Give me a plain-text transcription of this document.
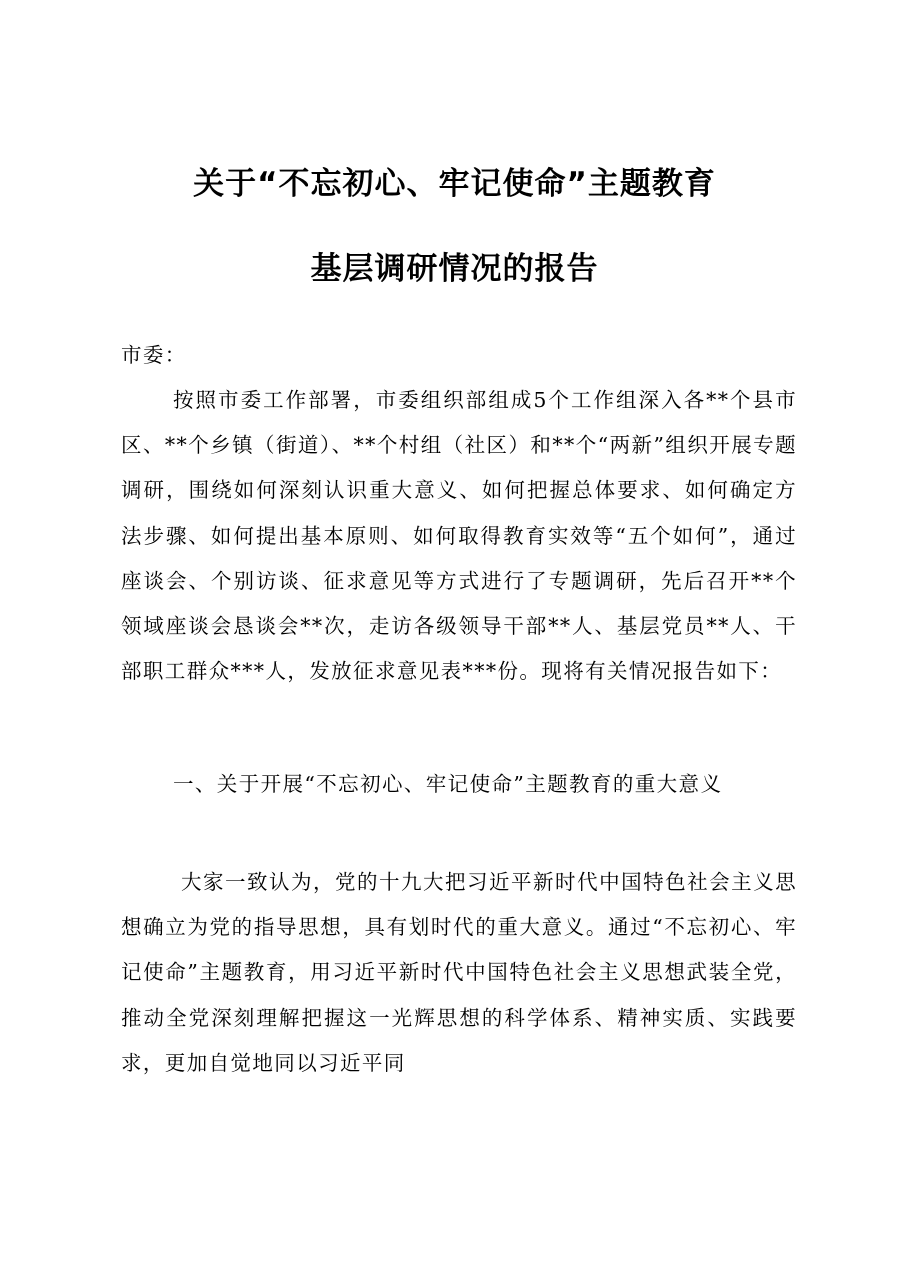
关于“不忘初心、牢记使命”主题教育
基层调研情况的报告
市委：
按照市委工作部署，市委组织部组成5个工作组深入各**个县市区、**个乡镇（街道）、**个村组（社区）和**个“两新”组织开展专题调研，围绕如何深刻认识重大意义、如何把握总体要求、如何确定方法步骤、如何提出基本原则、如何取得教育实效等“五个如何”，通过座谈会、个别访谈、征求意见等方式进行了专题调研，先后召开**个领域座谈会恳谈会**次，走访各级领导干部**人、基层党员**人、干部职工群众***人，发放征求意见表***份。现将有关情况报告如下：
一、关于开展“不忘初心、牢记使命”主题教育的重大意义
大家一致认为，党的十九大把习近平新时代中国特色社会主义思想确立为党的指导思想，具有划时代的重大意义。通过“不忘初心、牢记使命”主题教育，用习近平新时代中国特色社会主义思想武装全党，推动全党深刻理解把握这一光辉思想的科学体系、精神实质、实践要求，更加自觉地同以习近平同
